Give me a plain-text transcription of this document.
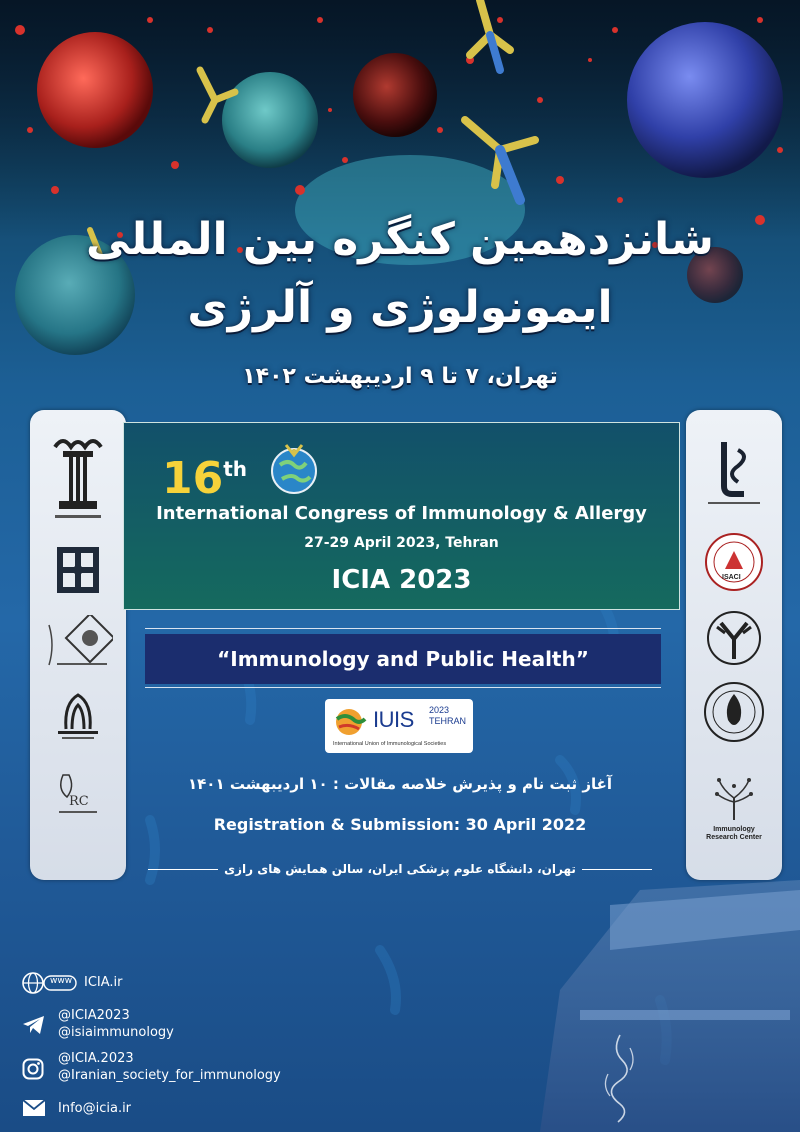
شانزدهمین کنگره بین المللی
ایمونولوژی و آلرژی
تهران، ۷ تا ۹ اردیبهشت ۱۴۰۲
RC
ISACI
Immunology Research Center
16th
International Congress of Immunology & Allergy
27-29 April 2023, Tehran
ICIA 2023
“Immunology and Public Health”
IUIS 2023
TEHRAN
International Union of Immunological Societies
آغاز ثبت نام و پذیرش خلاصه مقالات : ۱۰ اردیبهشت ۱۴۰۱
Registration & Submission: 30 April 2022
تهران، دانشگاه علوم پزشکی ایران، سالن همایش های رازی
www ICIA.ir
@ICIA2023
@isiaimmunology
@ICIA.2023
@Iranian_society_for_immunology
Info@icia.ir
